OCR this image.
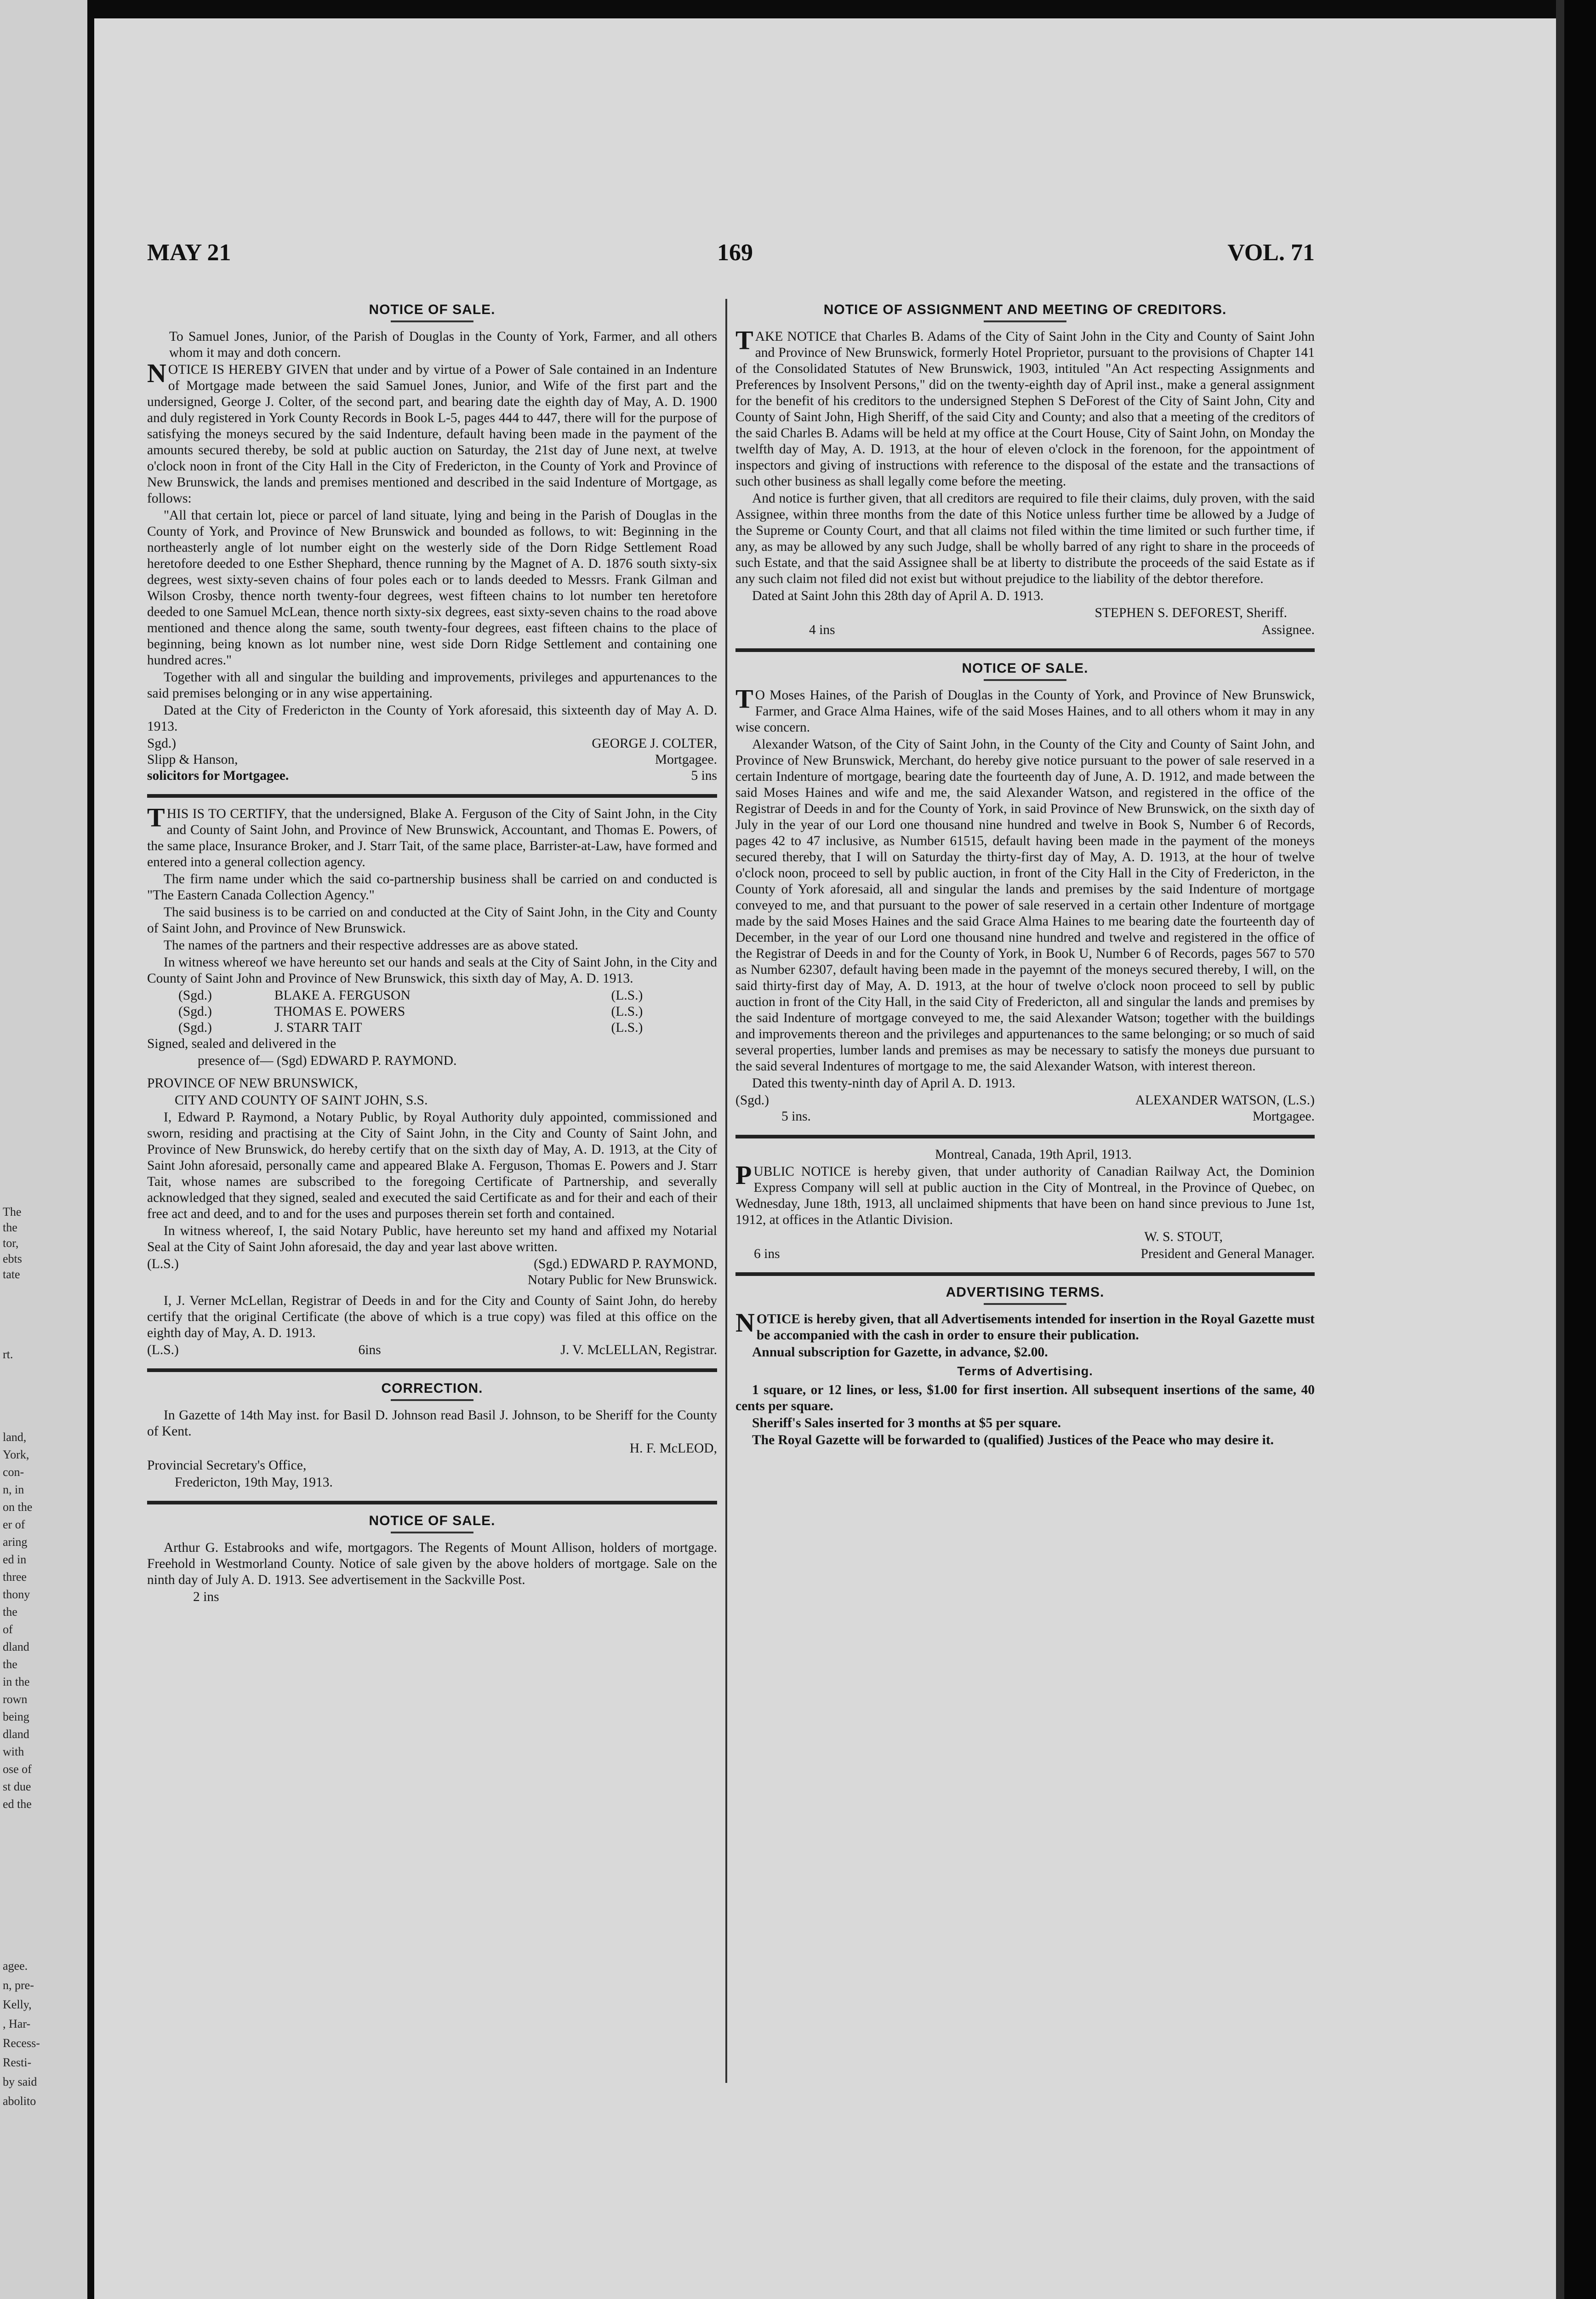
The
the
tor,
ebts
tate
rt.
land,
York,
con-
n, in
on the
er of
aring
ed in
three
thony
the
of
dland
the
in the
rown
being
dland
with
ose of
st due
ed the
agee.
n, pre-
Kelly,
, Har-
Recess-
Resti-
by said
abolito
MAY 21	169	VOL. 71
NOTICE OF SALE.

To Samuel Jones, Junior, of the Parish of Douglas in the County of York, Farmer, and all others whom it may and doth concern.

NOTICE IS HEREBY GIVEN that under and by virtue of a Power of Sale contained in an Indenture of Mortgage made between the said Samuel Jones, Junior, and Wife of the first part and the undersigned, George J. Colter, of the second part, and bearing date the eighth day of May, A. D. 1900 and duly registered in York County Records in Book L-5, pages 444 to 447, there will for the purpose of satisfying the moneys secured by the said Indenture, default having been made in the payment of the amounts secured thereby, be sold at public auction on Saturday, the 21st day of June next, at twelve o'clock noon in front of the City Hall in the City of Fredericton, in the County of York and Province of New Brunswick, the lands and premises mentioned and described in the said Indenture of Mortgage, as follows:

"All that certain lot, piece or parcel of land situate, lying and being in the Parish of Douglas in the County of York, and Province of New Brunswick and bounded as follows, to wit: Beginning in the northeasterly angle of lot number eight on the westerly side of the Dorn Ridge Settlement Road heretofore deeded to one Esther Shephard, thence running by the Magnet of A. D. 1876 south sixty-six degrees, west sixty-seven chains of four poles each or to lands deeded to Messrs. Frank Gilman and Wilson Crosby, thence north twenty-four degrees, west fifteen chains to lot number ten heretofore deeded to one Samuel McLean, thence north sixty-six degrees, east sixty-seven chains to the road above mentioned and thence along the same, south twenty-four degrees, east fifteen chains to the place of beginning, being known as lot number nine, west side Dorn Ridge Settlement and containing one hundred acres."

Together with all and singular the building and improvements, privileges and appurtenances to the said premises belonging or in any wise appertaining.

Dated at the City of Fredericton in the County of York aforesaid, this sixteenth day of May A. D. 1913.

Sgd.)	GEORGE J. COLTER,
Slipp & Hanson,	Mortgagee.
solicitors for Mortgagee.	5 ins

THIS IS TO CERTIFY, that the undersigned, Blake A. Ferguson of the City of Saint John, in the City and County of Saint John, and Province of New Brunswick, Accountant, and Thomas E. Powers, of the same place, Insurance Broker, and J. Starr Tait, of the same place, Barrister-at-Law, have formed and entered into a general collection agency.

The firm name under which the said co-partnership business shall be carried on and conducted is "The Eastern Canada Collection Agency."

The said business is to be carried on and conducted at the City of Saint John, in the City and County of Saint John, and Province of New Brunswick.

The names of the partners and their respective addresses are as above stated.

In witness whereof we have hereunto set our hands and seals at the City of Saint John, in the City and County of Saint John and Province of New Brunswick, this sixth day of May, A. D. 1913.

(Sgd.)	BLAKE A. FERGUSON	(L.S.)
(Sgd.)	THOMAS E. POWERS	(L.S.)
(Sgd.)	J. STARR TAIT	(L.S.)

Signed, sealed and delivered in the

presence of— (Sgd) EDWARD P. RAYMOND.

PROVINCE OF NEW BRUNSWICK,

CITY AND COUNTY OF SAINT JOHN, S.S.

I, Edward P. Raymond, a Notary Public, by Royal Authority duly appointed, commissioned and sworn, residing and practising at the City of Saint John, in the City and County of Saint John, and Province of New Brunswick, do hereby certify that on the sixth day of May, A. D. 1913, at the City of Saint John aforesaid, personally came and appeared Blake A. Ferguson, Thomas E. Powers and J. Starr Tait, whose names are subscribed to the foregoing Certificate of Partnership, and severally acknowledged that they signed, sealed and executed the said Certificate as and for their and each of their free act and deed, and to and for the uses and purposes therein set forth and contained.

In witness whereof, I, the said Notary Public, have hereunto set my hand and affixed my Notarial Seal at the City of Saint John aforesaid, the day and year last above written.

(L.S.)	(Sgd.) EDWARD P. RAYMOND,

Notary Public for New Brunswick.

I, J. Verner McLellan, Registrar of Deeds in and for the City and County of Saint John, do hereby certify that the original Certificate (the above of which is a true copy) was filed at this office on the eighth day of May, A. D. 1913.

(L.S.)	6ins	J. V. McLELLAN, Registrar.
CORRECTION.

In Gazette of 14th May inst. for Basil D. Johnson read Basil J. Johnson, to be Sheriff for the County of Kent.

H. F. McLEOD,

Provincial Secretary's Office,

Fredericton, 19th May, 1913.

NOTICE OF SALE.

Arthur G. Estabrooks and wife, mortgagors. The Regents of Mount Allison, holders of mortgage. Freehold in Westmorland County. Notice of sale given by the above holders of mortgage. Sale on the ninth day of July A. D. 1913. See advertisement in the Sackville Post.

2 ins

NOTICE OF ASSIGNMENT AND MEETING OF CREDITORS.

TAKE NOTICE that Charles B. Adams of the City of Saint John in the City and County of Saint John and Province of New Brunswick, formerly Hotel Proprietor, pursuant to the provisions of Chapter 141 of the Consolidated Statutes of New Brunswick, 1903, intituled "An Act respecting Assignments and Preferences by Insolvent Persons," did on the twenty-eighth day of April inst., make a general assignment for the benefit of his creditors to the undersigned Stephen S DeForest of the City of Saint John, City and County of Saint John, High Sheriff, of the said City and County; and also that a meeting of the creditors of the said Charles B. Adams will be held at my office at the Court House, City of Saint John, on Monday the twelfth day of May, A. D. 1913, at the hour of eleven o'clock in the forenoon, for the appointment of inspectors and giving of instructions with reference to the disposal of the estate and the transactions of such other business as shall legally come before the meeting.

And notice is further given, that all creditors are required to file their claims, duly proven, with the said Assignee, within three months from the date of this Notice unless further time be allowed by a Judge of the Supreme or County Court, and that all claims not filed within the time limited or such further time, if any, as may be allowed by any such Judge, shall be wholly barred of any right to share in the proceeds of such Estate, and that the said Assignee shall be at liberty to distribute the proceeds of the said Estate as if any such claim not filed did not exist but without prejudice to the liability of the debtor therefore.

Dated at Saint John this 28th day of April A. D. 1913.

STEPHEN S. DEFOREST, Sheriff.

4 ins	Assignee.
NOTICE OF SALE.

TO Moses Haines, of the Parish of Douglas in the County of York, and Province of New Brunswick, Farmer, and Grace Alma Haines, wife of the said Moses Haines, and to all others whom it may in any wise concern.

Alexander Watson, of the City of Saint John, in the County of the City and County of Saint John, and Province of New Brunswick, Merchant, do hereby give notice pursuant to the power of sale reserved in a certain Indenture of mortgage, bearing date the fourteenth day of June, A. D. 1912, and made between the said Moses Haines and wife and me, the said Alexander Watson, and registered in the office of the Registrar of Deeds in and for the County of York, in said Province of New Brunswick, on the sixth day of July in the year of our Lord one thousand nine hundred and twelve in Book S, Number 6 of Records, pages 42 to 47 inclusive, as Number 61515, default having been made in the payment of the moneys secured thereby, that I will on Saturday the thirty-first day of May, A. D. 1913, at the hour of twelve o'clock noon, proceed to sell by public auction, in front of the City Hall in the City of Fredericton, in the County of York aforesaid, all and singular the lands and premises by the said Indenture of mortgage conveyed to me, and that pursuant to the power of sale reserved in a certain other Indenture of mortgage made by the said Moses Haines and the said Grace Alma Haines to me bearing date the fourteenth day of December, in the year of our Lord one thousand nine hundred and twelve and registered in the office of the Registrar of Deeds in and for the County of York, in Book U, Number 6 of Records, pages 567 to 570 as Number 62307, default having been made in the payemnt of the moneys secured thereby, I will, on the said thirty-first day of May, A. D. 1913, at the hour of twelve o'clock noon proceed to sell by public auction in front of the City Hall, in the said City of Fredericton, all and singular the lands and premises by the said Indenture of mortgage conveyed to me, the said Alexander Watson; together with the buildings and improvements thereon and the privileges and appurtenances to the same belonging; or so much of said several properties, lumber lands and premises as may be necessary to satisfy the moneys due pursuant to the said several Indentures of mortgage to me, the said Alexander Watson, with interest thereon.

Dated this twenty-ninth day of April A. D. 1913.

(Sgd.)	ALEXANDER WATSON, (L.S.)
5 ins.	Mortgagee.

Montreal, Canada, 19th April, 1913.

PUBLIC NOTICE is hereby given, that under authority of Canadian Railway Act, the Dominion Express Company will sell at public auction in the City of Montreal, in the Province of Quebec, on Wednesday, June 18th, 1913, all unclaimed shipments that have been on hand since previous to June 1st, 1912, at offices in the Atlantic Division.

W. S. STOUT,

6 ins	President and General Manager.
ADVERTISING TERMS.

NOTICE is hereby given, that all Advertisements intended for insertion in the Royal Gazette must be accompanied with the cash in order to ensure their publication.

Annual subscription for Gazette, in advance, $2.00.

Terms of Advertising.

1 square, or 12 lines, or less, $1.00 for first insertion. All subsequent insertions of the same, 40 cents per square.

Sheriff's Sales inserted for 3 months at $5 per square.

The Royal Gazette will be forwarded to (qualified) Justices of the Peace who may desire it.
